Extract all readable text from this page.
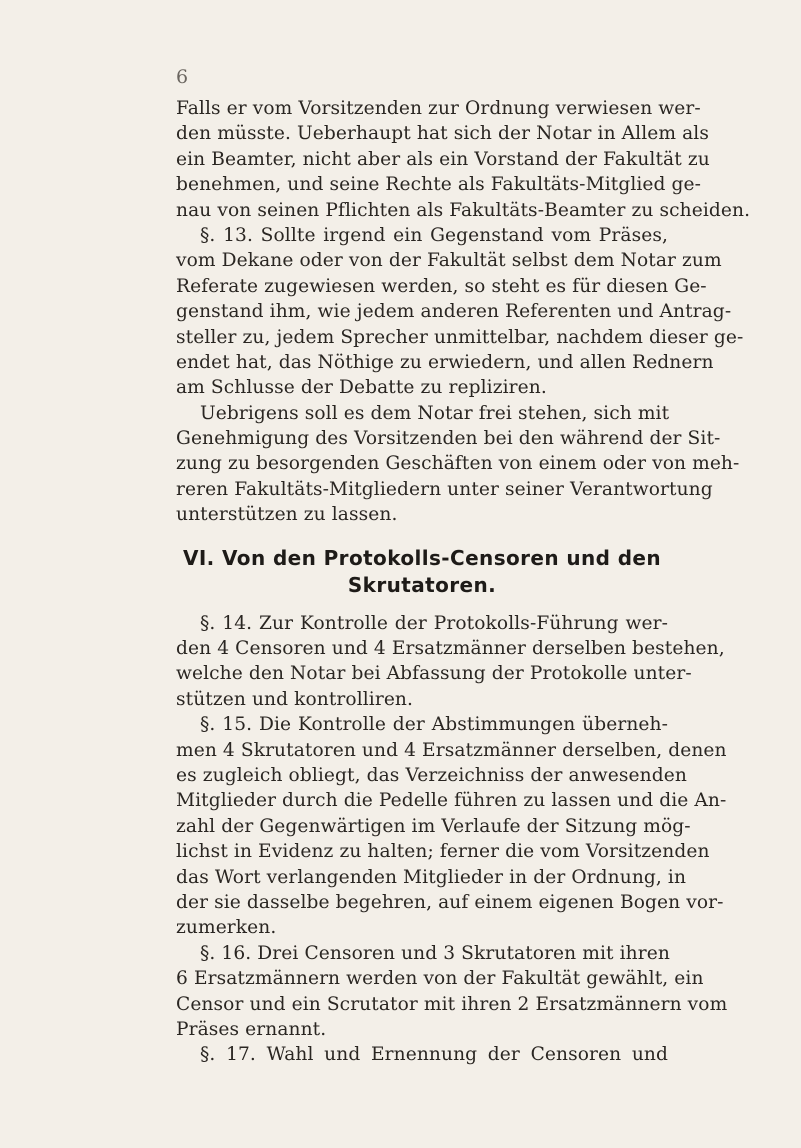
6
Falls er vom Vorsitzenden zur Ordnung verwiesen wer-
den müsste. Ueberhaupt hat sich der Notar in Allem als
ein Beamter, nicht aber als ein Vorstand der Fakultät zu
benehmen, und seine Rechte als Fakultäts-Mitglied ge-
nau von seinen Pflichten als Fakultäts-Beamter zu scheiden.
§. 13. Sollte irgend ein Gegenstand vom Präses,
vom Dekane oder von der Fakultät selbst dem Notar zum
Referate zugewiesen werden, so steht es für diesen Ge-
genstand ihm, wie jedem anderen Referenten und Antrag-
steller zu, jedem Sprecher unmittelbar, nachdem dieser ge-
endet hat, das Nöthige zu erwiedern, und allen Rednern
am Schlusse der Debatte zu repliziren.
Uebrigens soll es dem Notar frei stehen, sich mit
Genehmigung des Vorsitzenden bei den während der Sit-
zung zu besorgenden Geschäften von einem oder von meh-
reren Fakultäts-Mitgliedern unter seiner Verantwortung
unterstützen zu lassen.
VI. Von den Protokolls-Censoren und den
Skrutatoren.
§. 14. Zur Kontrolle der Protokolls-Führung wer-
den 4 Censoren und 4 Ersatzmänner derselben bestehen,
welche den Notar bei Abfassung der Protokolle unter-
stützen und kontrolliren.
§. 15. Die Kontrolle der Abstimmungen überneh-
men 4 Skrutatoren und 4 Ersatzmänner derselben, denen
es zugleich obliegt, das Verzeichniss der anwesenden
Mitglieder durch die Pedelle führen zu lassen und die An-
zahl der Gegenwärtigen im Verlaufe der Sitzung mög-
lichst in Evidenz zu halten; ferner die vom Vorsitzenden
das Wort verlangenden Mitglieder in der Ordnung, in
der sie dasselbe begehren, auf einem eigenen Bogen vor-
zumerken.
§. 16. Drei Censoren und 3 Skrutatoren mit ihren
6 Ersatzmännern werden von der Fakultät gewählt, ein
Censor und ein Scrutator mit ihren 2 Ersatzmännern vom
Präses ernannt.
§. 17. Wahl und Ernennung der Censoren und
